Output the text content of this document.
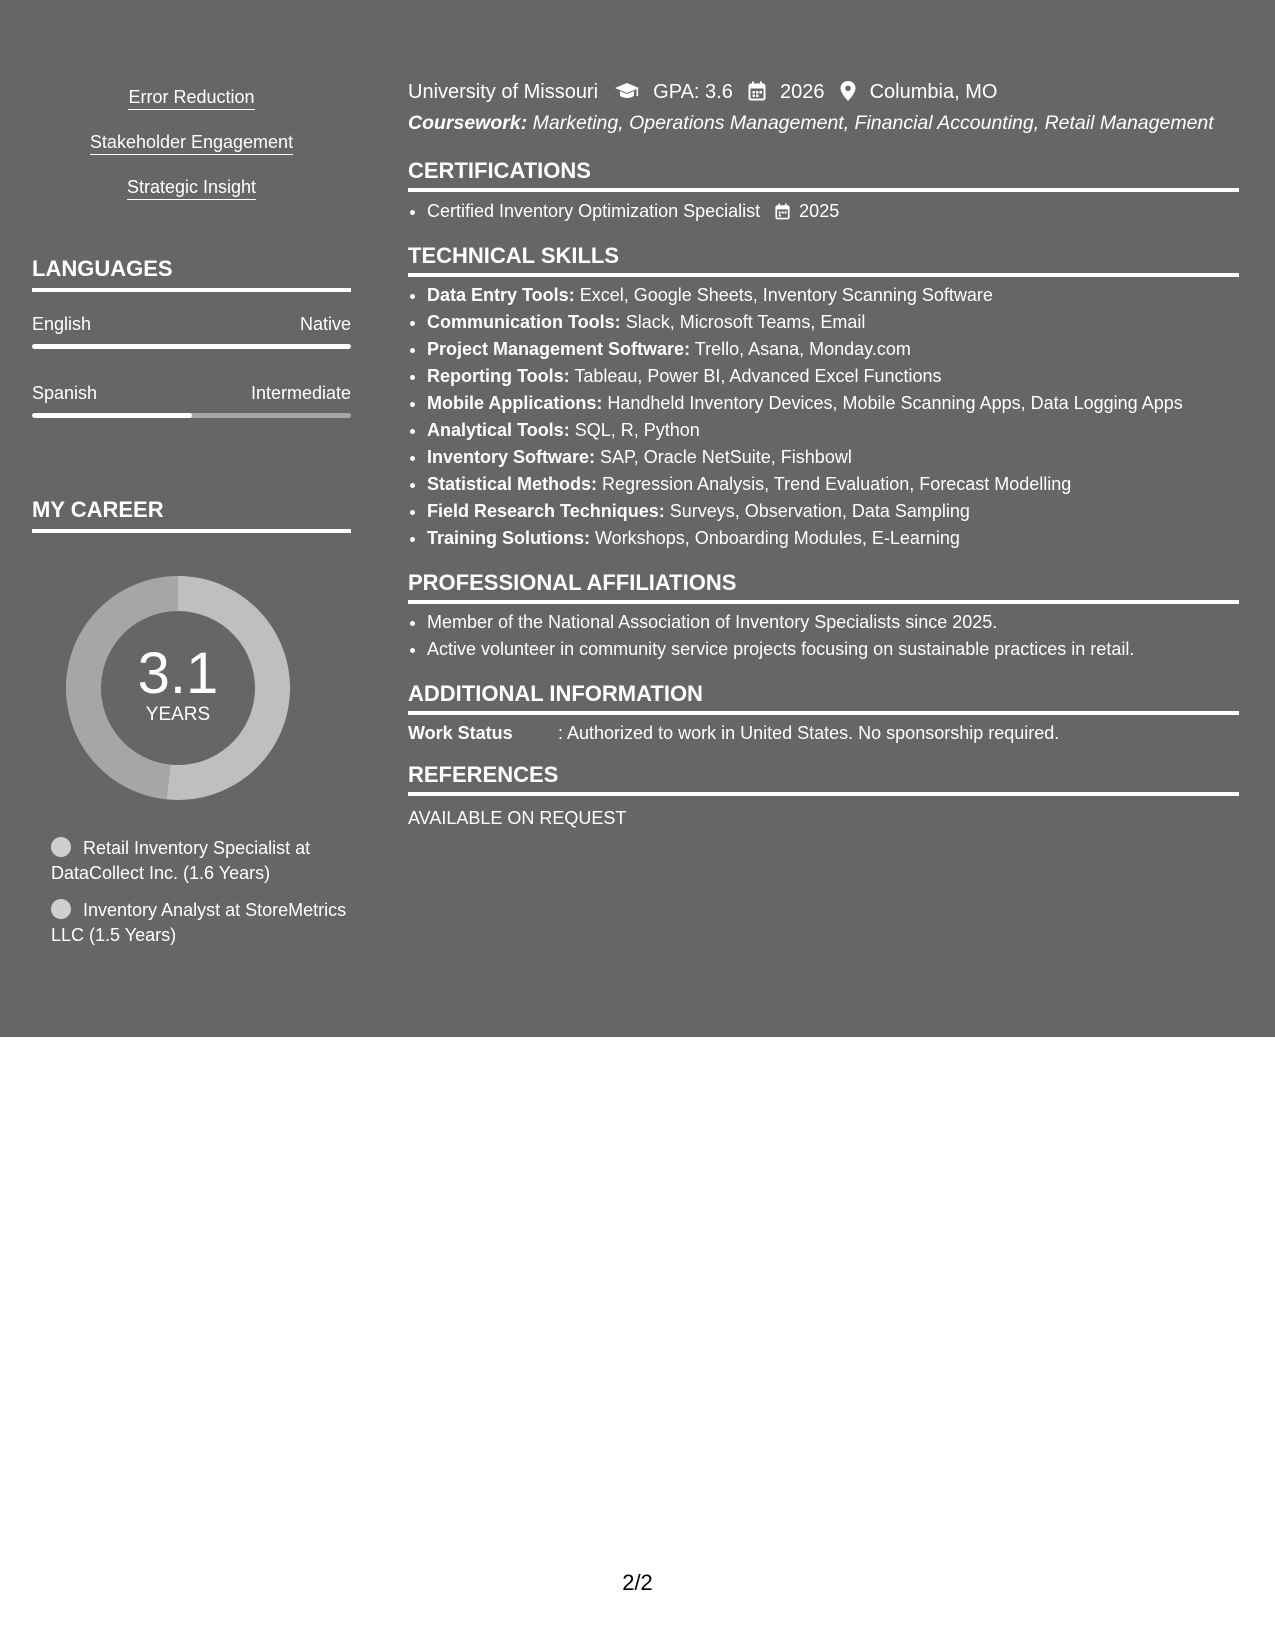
Error Reduction
Stakeholder Engagement
Strategic Insight
LANGUAGES
English	Native
Spanish	Intermediate
MY CAREER
3.1
YEARS
Retail Inventory Specialist at DataCollect Inc. (1.6 Years)
Inventory Analyst at StoreMetrics LLC (1.5 Years)
University of Missouri	GPA: 3.6 2026 Columbia, MO
Coursework: Marketing, Operations Management, Financial Accounting, Retail Management
CERTIFICATIONS
• Certified Inventory Optimization Specialist 2025
TECHNICAL SKILLS
• Data Entry Tools: Excel, Google Sheets, Inventory Scanning Software
• Communication Tools: Slack, Microsoft Teams, Email
• Project Management Software: Trello, Asana, Monday.com
• Reporting Tools: Tableau, Power BI, Advanced Excel Functions
• Mobile Applications: Handheld Inventory Devices, Mobile Scanning Apps, Data Logging Apps
• Analytical Tools: SQL, R, Python
• Inventory Software: SAP, Oracle NetSuite, Fishbowl
• Statistical Methods: Regression Analysis, Trend Evaluation, Forecast Modelling
• Field Research Techniques: Surveys, Observation, Data Sampling
• Training Solutions: Workshops, Onboarding Modules, E-Learning
PROFESSIONAL AFFILIATIONS
• Member of the National Association of Inventory Specialists since 2025.
• Active volunteer in community service projects focusing on sustainable practices in retail.
ADDITIONAL INFORMATION
Work Status	: Authorized to work in United States. No sponsorship required.
REFERENCES
AVAILABLE ON REQUEST
2/2
